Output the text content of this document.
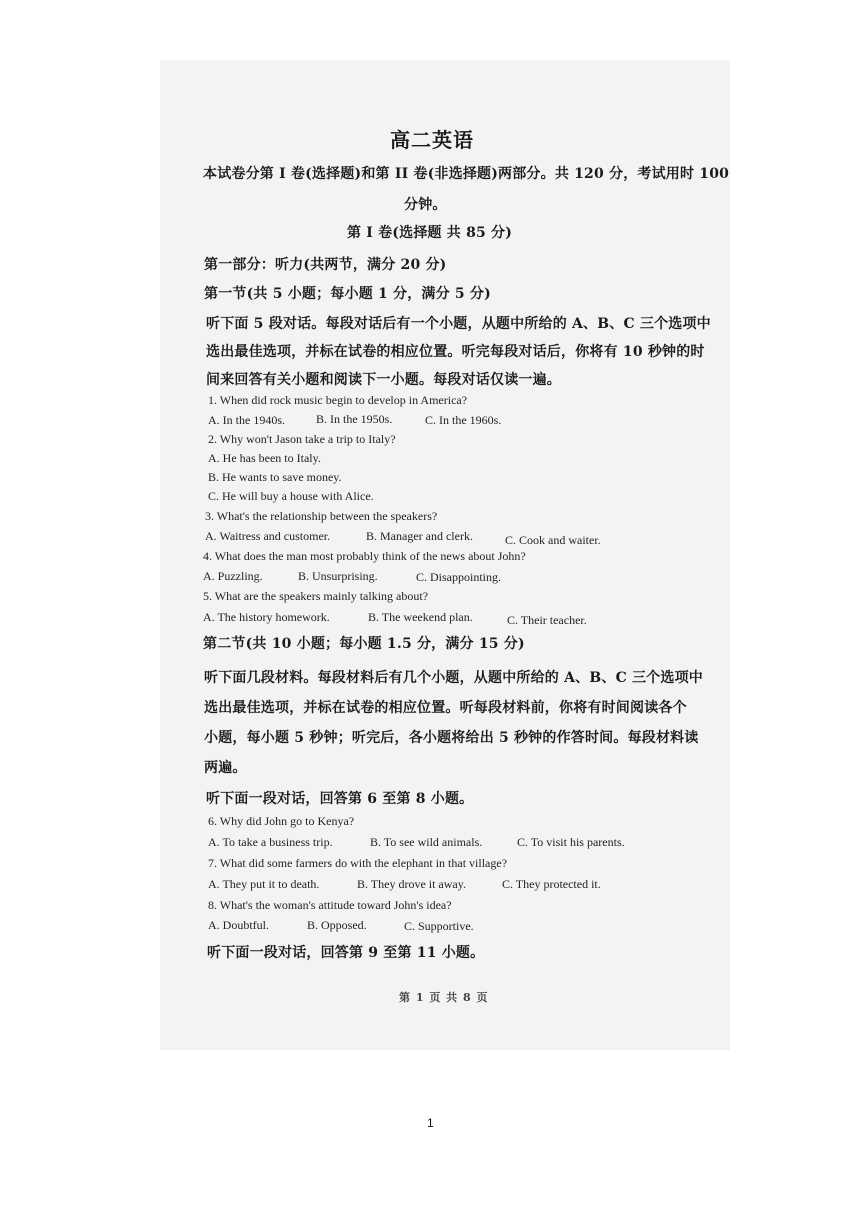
高二英语
本试卷分第 I 卷(选择题)和第 II 卷(非选择题)两部分。共 120 分，考试用时 100
分钟。
第 I 卷(选择题 共 85 分)
第一部分：听力(共两节，满分 20 分)
第一节(共 5 小题；每小题 1 分，满分 5 分)
听下面 5 段对话。每段对话后有一个小题，从题中所给的 A、B、C 三个选项中
选出最佳选项，并标在试卷的相应位置。听完每段对话后，你将有 10 秒钟的时
间来回答有关小题和阅读下一小题。每段对话仅读一遍。
1. When did rock music begin to develop in America?
A. In the 1940s.	B. In the 1950s.	C. In the 1960s.
2. Why won't Jason take a trip to Italy?
A. He has been to Italy.
B. He wants to save money.
C. He will buy a house with Alice.
3. What's the relationship between the speakers?
A. Waitress and customer.	B. Manager and clerk.	C. Cook and waiter.
4. What does the man most probably think of the news about John?
A. Puzzling.	B. Unsurprising.	C. Disappointing.
5. What are the speakers mainly talking about?
A. The history homework.	B. The weekend plan.	C. Their teacher.
第二节(共 10 小题；每小题 1.5 分，满分 15 分)
听下面几段材料。每段材料后有几个小题，从题中所给的 A、B、C 三个选项中
选出最佳选项，并标在试卷的相应位置。听每段材料前，你将有时间阅读各个
小题，每小题 5 秒钟；听完后，各小题将给出 5 秒钟的作答时间。每段材料读
两遍。
听下面一段对话，回答第 6 至第 8 小题。
6. Why did John go to Kenya?
A. To take a business trip.	B. To see wild animals.	C. To visit his parents.
7. What did some farmers do with the elephant in that village?
A. They put it to death.	B. They drove it away.	C. They protected it.
8. What's the woman's attitude toward John's idea?
A. Doubtful.	B. Opposed.	C. Supportive.
听下面一段对话，回答第 9 至第 11 小题。
第 1 页 共 8 页
1
